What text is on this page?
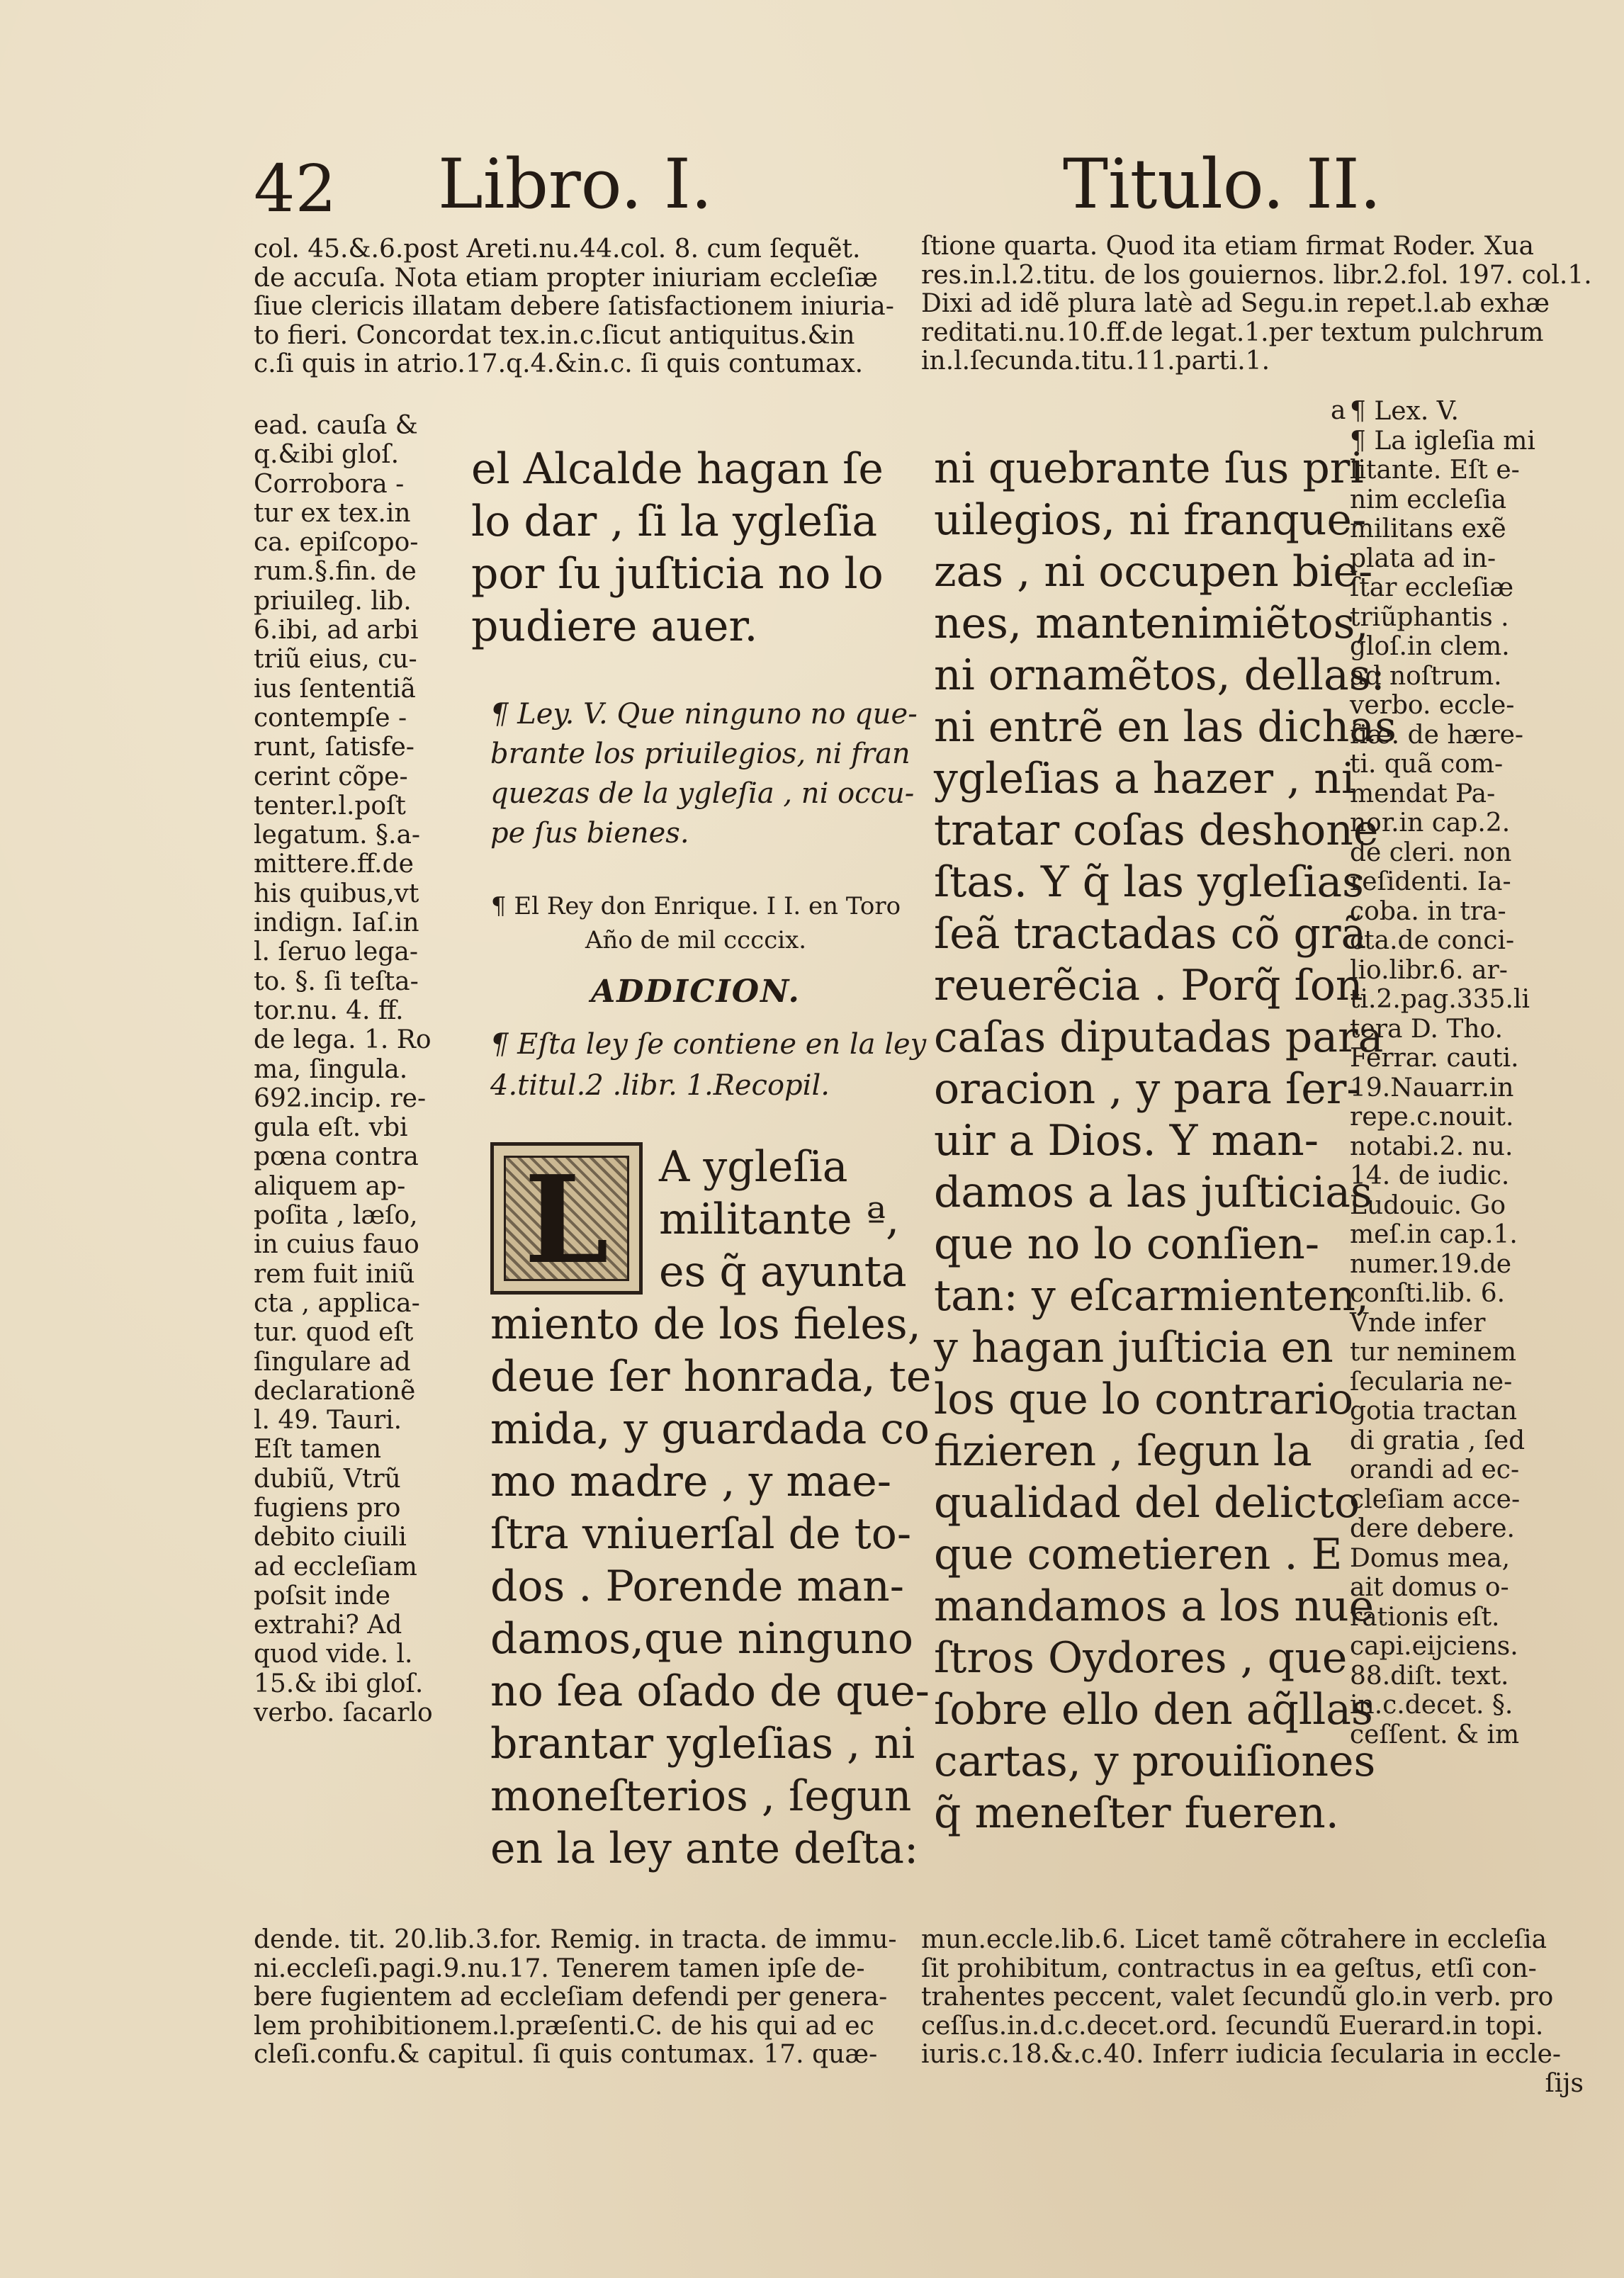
42 Libro. I.	Titulo. II.
col. 45.&.6.post Areti.nu.44.col. 8. cum ſequẽt.
de accuſa. Nota etiam propter iniuriam eccleſiæ
ſiue clericis illatam debere ſatisfactionem iniuria-
to fieri. Concordat tex.in.c.ſicut antiquitus.&in
c.ſi quis in atrio.17.q.4.&in.c. ſi quis contumax.
ſtione quarta. Quod ita etiam firmat Roder. Xua
res.in.l.2.titu. de los gouiernos. libr.2.fol. 197. col.1.
Dixi ad idẽ plura latè ad Segu.in repet.l.ab exhæ
reditati.nu.10.ff.de legat.1.per textum pulchrum
in.l.ſecunda.titu.11.parti.1.
ead. cauſa &
q.&ibi gloſ.
Corrobora -
tur ex tex.in
ca. epiſcopo-
rum.§.fin. de
priuileg. lib.
6.ibi, ad arbi
triũ eius, cu-
ius ſententiã
contempſe -
runt, ſatisfe-
cerint cõpe-
tenter.l.poſt
legatum. §.a-
mittere.ff.de
his quibus,vt
indign. Iaſ.in
l. ſeruo lega-
to. §. ſi teſta-
tor.nu. 4. ff.
de lega. 1. Ro
ma, ſingula.
692.incip. re-
gula eſt. vbi
pœna contra
aliquem ap-
poſita , læſo,
in cuius fauo
rem fuit iniũ
cta , applica-
tur. quod eſt
ſingulare ad
declarationẽ
l. 49. Tauri.
Eſt tamen
dubiũ, Vtrũ
fugiens pro
debito ciuili
ad eccleſiam
poſsit inde
extrahi? Ad
quod vide. l.
15.& ibi gloſ.
verbo. ſacarlo
a ¶ Lex. V.
¶ La igleſia mi
litante. Eſt e-
nim eccleſia
militans exẽ
plata ad in-
ſtar eccleſiæ
triũphantis .
gloſ.in clem.
ad noſtrum.
verbo. eccle-
ſiæ. de hære-
ti. quã com-
mendat Pa-
nor.in cap.2.
de cleri. non
reſidenti. Ia-
coba. in tra-
cta.de conci-
lio.libr.6. ar-
ti.2.pag.335.li
tera D. Tho.
Ferrar. cauti.
19.Nauarr.in
repe.c.nouit.
notabi.2. nu.
14. de iudic.
Ludouic. Go
meſ.in cap.1.
numer.19.de
conſti.lib. 6.
Vnde infer
tur neminem
ſecularia ne-
gotia tractan
di gratia , ſed
orandi ad ec-
cleſiam acce-
dere debere.
Domus mea,
ait domus o-
rationis eſt.
capi.eijciens.
88.diſt. text.
in.c.decet. §.
ceſſent. & im
el Alcalde hagan ſe
lo dar , ſi la ygleſia
por ſu juſticia no lo
pudiere auer.
¶ Ley. V. Que ninguno no que-
brante los priuilegios, ni fran
quezas de la ygleſia , ni occu-
pe ſus bienes.
¶ El Rey don Enrique. I I. en Toro
Año de mil ccccix.
ADDICION.
¶ Eſta ley ſe contiene en la ley
4.titul.2 .libr. 1.Recopil.
L	A ygleſia
militante ª,
es q̃ ayunta
miento de los fieles,
deue ſer honrada, te
mida, y guardada co
mo madre , y mae-
ſtra vniuerſal de to-
dos . Porende man-
damos,que ninguno
no ſea oſado de que-
brantar ygleſias , ni
moneſterios , ſegun
en la ley ante deſta:
ni quebrante ſus pri
uilegios, ni franque-
zas , ni occupen bie-
nes, mantenimiẽtos,
ni ornamẽtos, dellas:
ni entrẽ en las dichas
ygleſias a hazer , ni
tratar coſas deshone
ſtas. Y q̃ las ygleſias
ſeã tractadas cõ grã
reuerẽcia . Porq̃ ſon
caſas diputadas para
oracion , y para ſer-
uir a Dios. Y man-
damos a las juſticias
que no lo conſien-
tan: y eſcarmienten,
y hagan juſticia en
los que lo contrario
fizieren , ſegun la
qualidad del delicto
que cometieren . E
mandamos a los nue
ſtros Oydores , que
ſobre ello den aq̃llas
cartas, y prouiſiones
q̃ meneſter fueren.
dende. tit. 20.lib.3.for. Remig. in tracta. de immu-
ni.eccleſi.pagi.9.nu.17. Tenerem tamen ipſe de-
bere fugientem ad eccleſiam defendi per genera-
lem prohibitionem.l.præſenti.C. de his qui ad ec
cleſi.confu.& capitul. ſi quis contumax. 17. quæ-
mun.eccle.lib.6. Licet tamẽ cõtrahere in eccleſia
ſit prohibitum, contractus in ea geſtus, etſi con-
trahentes peccent, valet ſecundũ glo.in verb. pro
ceſſus.in.d.c.decet.ord. ſecundũ Euerard.in topi.
iuris.c.18.&.c.40. Inferr iudicia ſecularia in eccle-
ſijs
